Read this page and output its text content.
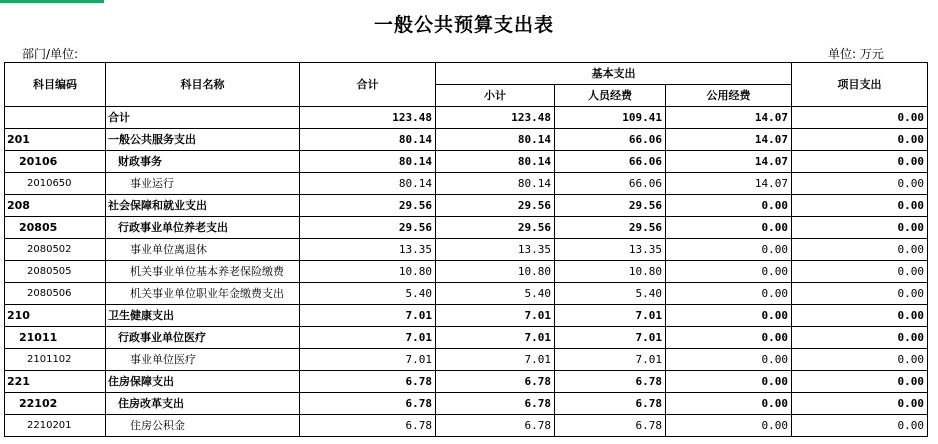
一般公共预算支出表
部门/单位:	单位: 万元
科目编码	科目名称	合计	基本支出			项目支出
			小计	人员经费	公用经费	
	合计	123.48	123.48	109.41	14.07	0.00
201	一般公共服务支出	80.14	80.14	66.06	14.07	0.00
20106	财政事务	80.14	80.14	66.06	14.07	0.00
2010650	事业运行	80.14	80.14	66.06	14.07	0.00
208	社会保障和就业支出	29.56	29.56	29.56	0.00	0.00
20805	行政事业单位养老支出	29.56	29.56	29.56	0.00	0.00
2080502	事业单位离退休	13.35	13.35	13.35	0.00	0.00
2080505	机关事业单位基本养老保险缴费	10.80	10.80	10.80	0.00	0.00
2080506	机关事业单位职业年金缴费支出	5.40	5.40	5.40	0.00	0.00
210	卫生健康支出	7.01	7.01	7.01	0.00	0.00
21011	行政事业单位医疗	7.01	7.01	7.01	0.00	0.00
2101102	事业单位医疗	7.01	7.01	7.01	0.00	0.00
221	住房保障支出	6.78	6.78	6.78	0.00	0.00
22102	住房改革支出	6.78	6.78	6.78	0.00	0.00
2210201	住房公积金	6.78	6.78	6.78	0.00	0.00
